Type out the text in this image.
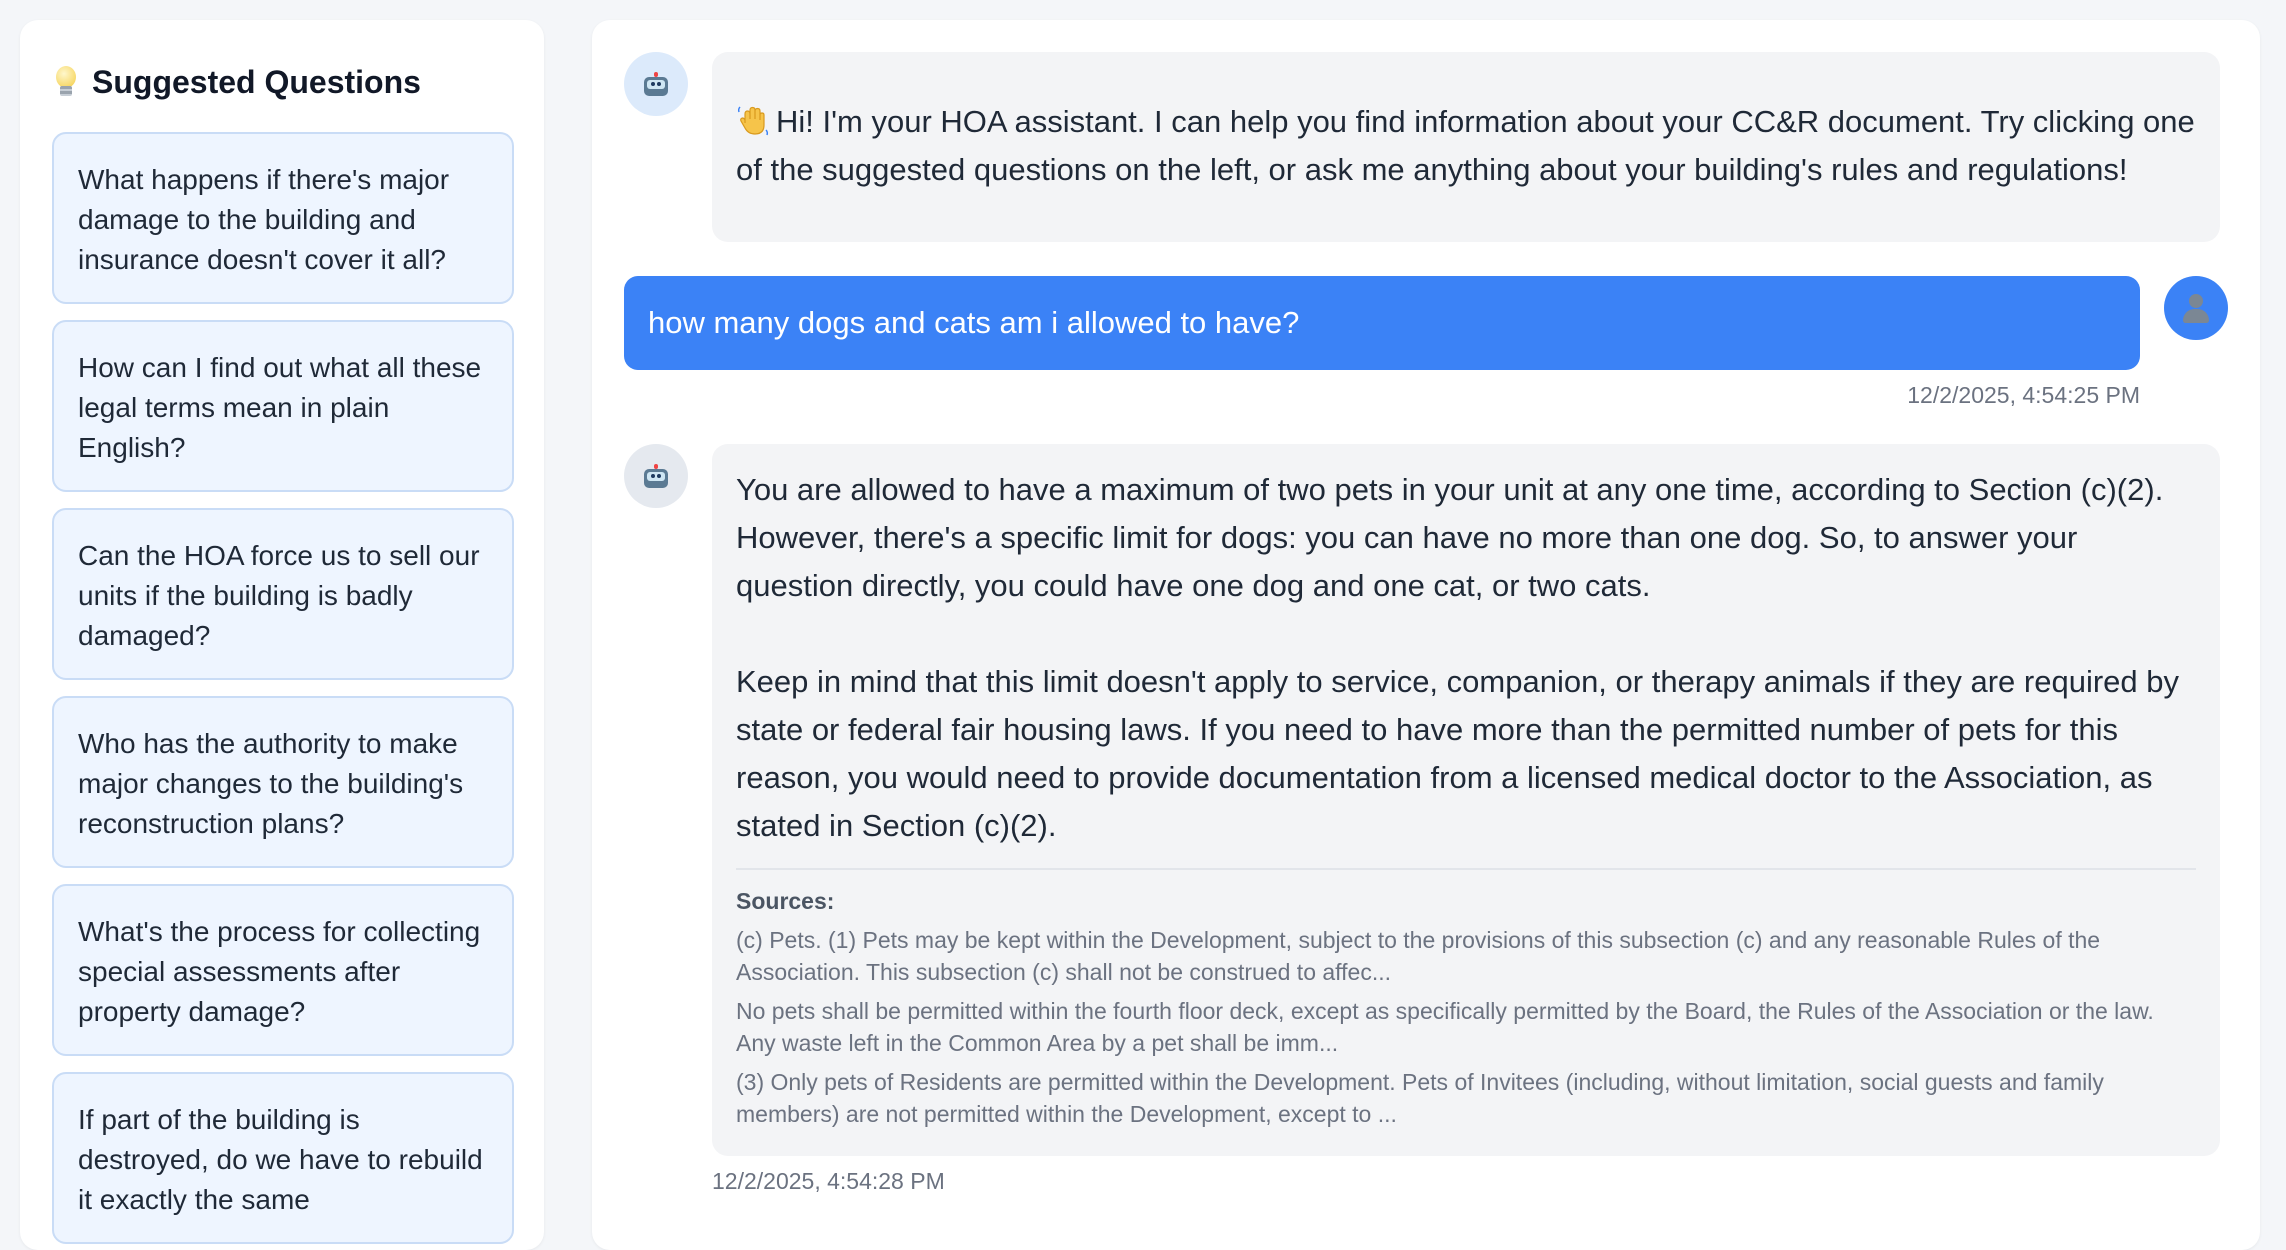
Suggested Questions
What happens if there's major damage to the building and insurance doesn't cover it all?
How can I find out what all these legal terms mean in plain English?
Can the HOA force us to sell our units if the building is badly damaged?
Who has the authority to make major changes to the building's reconstruction plans?
What's the process for collecting special assessments after property damage?
If part of the building is destroyed, do we have to rebuild it exactly the same
Hi! I'm your HOA assistant. I can help you find information about your CC&R document. Try clicking one of the suggested questions on the left, or ask me anything about your building's rules and regulations!
how many dogs and cats am i allowed to have?
12/2/2025, 4:54:25 PM

You are allowed to have a maximum of two pets in your unit at any one time, according to Section (c)(2). However, there's a specific limit for dogs: you can have no more than one dog. So, to answer your question directly, you could have one dog and one cat, or two cats.

Keep in mind that this limit doesn't apply to service, companion, or therapy animals if they are required by state or federal fair housing laws. If you need to have more than the permitted number of pets for this reason, you would need to provide documentation from a licensed medical doctor to the Association, as stated in Section (c)(2).

Sources:
(c) Pets. (1) Pets may be kept within the Development, subject to the provisions of this subsection (c) and any reasonable Rules of the Association. This subsection (c) shall not be construed to affec...
No pets shall be permitted within the fourth floor deck, except as specifically permitted by the Board, the Rules of the Association or the law. Any waste left in the Common Area by a pet shall be imm...
(3) Only pets of Residents are permitted within the Development. Pets of Invitees (including, without limitation, social guests and family members) are not permitted within the Development, except to ...
12/2/2025, 4:54:28 PM
